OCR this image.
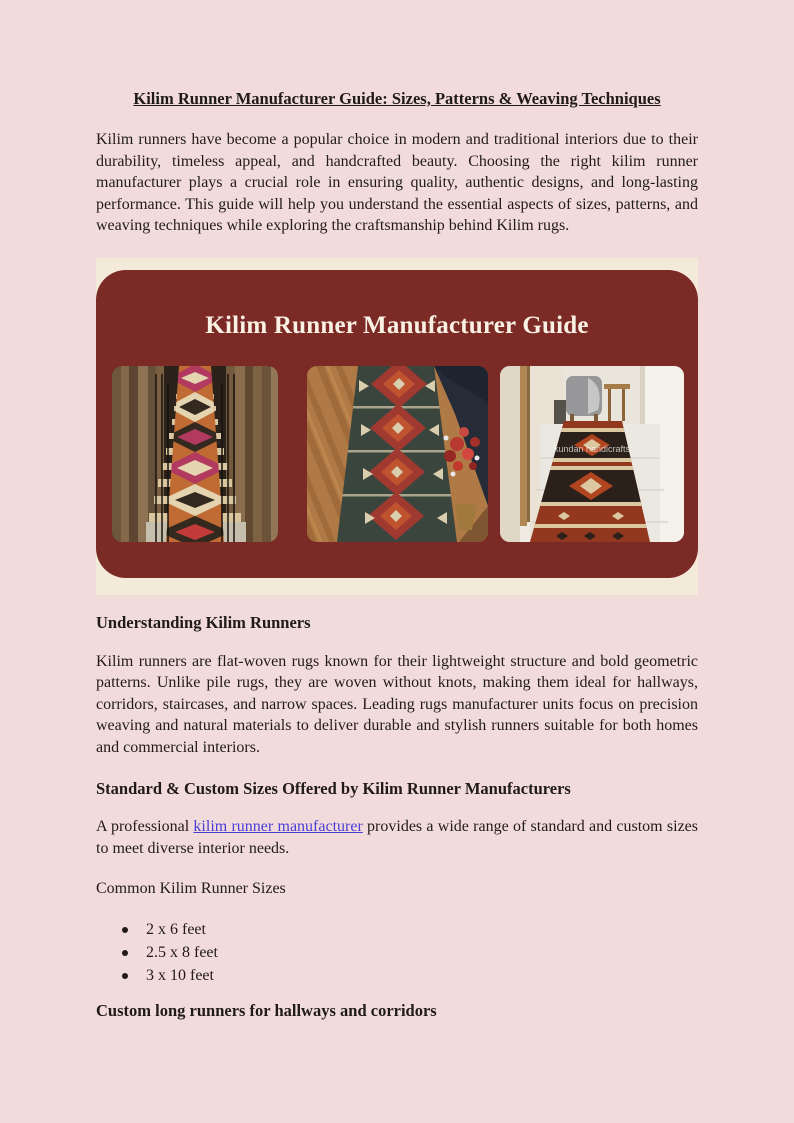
Kilim Runner Manufacturer Guide: Sizes, Patterns & Weaving Techniques

Kilim runners have become a popular choice in modern and traditional interiors due to their durability, timeless appeal, and handcrafted beauty. Choosing the right kilim runner manufacturer plays a crucial role in ensuring quality, authentic designs, and long-lasting performance. This guide will help you understand the essential aspects of sizes, patterns, and weaving techniques while exploring the craftsmanship behind Kilim rugs.

Kilim Runner Manufacturer Guide
kundan handicrafts
Understanding Kilim Runners

Kilim runners are flat-woven rugs known for their lightweight structure and bold geometric patterns. Unlike pile rugs, they are woven without knots, making them ideal for hallways, corridors, staircases, and narrow spaces. Leading rugs manufacturer units focus on precision weaving and natural materials to deliver durable and stylish runners suitable for both homes and commercial interiors.

Standard & Custom Sizes Offered by Kilim Runner Manufacturers

A professional kilim runner manufacturer provides a wide range of standard and custom sizes to meet diverse interior needs.

Common Kilim Runner Sizes

2 x 6 feet
2.5 x 8 feet
3 x 10 feet
Custom long runners for hallways and corridors
